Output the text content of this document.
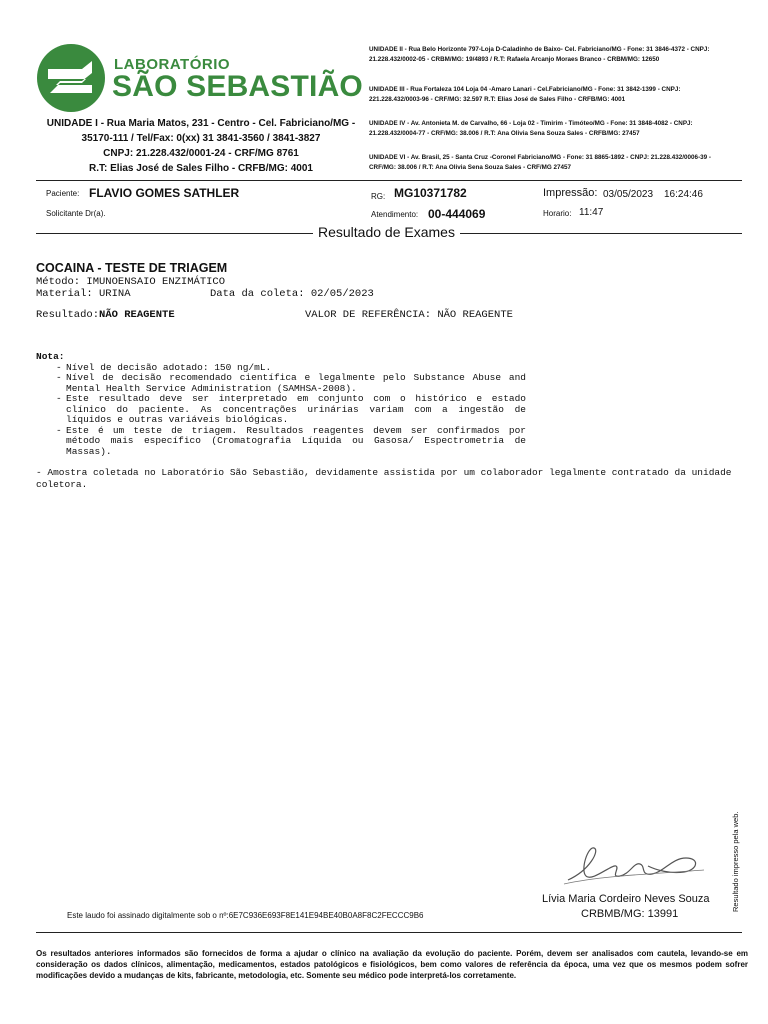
LABORATÓRIO
SÃO SEBASTIÃO
UNIDADE I - Rua Maria Matos, 231 - Centro - Cel. Fabriciano/MG -
35170-111 / Tel/Fax: 0(xx) 31 3841-3560 / 3841-3827
CNPJ: 21.228.432/0001-24 - CRF/MG 8761
R.T: Elias José de Sales Filho - CRFB/MG: 4001
UNIDADE II - Rua Belo Horizonte 797-Loja D-Caladinho de Baixo- Cel. Fabriciano/MG - Fone: 31 3846-4372 - CNPJ: 21.228.432/0002-05 - CRBM/MG: 19/4893 / R.T: Rafaela Arcanjo Moraes Branco - CRBM/MG: 12650
UNIDADE III - Rua Fortaleza 104 Loja 04 -Amaro Lanari - Cel.Fabriciano/MG - Fone: 31 3842-1399 - CNPJ: 221.228.432/0003-96 - CRF/MG: 32.597 R.T: Elias José de Sales Filho - CRFB/MG: 4001
UNIDADE IV - Av. Antonieta M. de Carvalho, 66 - Loja 02 - Timirim - Timóteo/MG - Fone: 31 3848-4082 - CNPJ: 21.228.432/0004-77 - CRF/MG: 38.006 / R.T: Ana Olivia Sena Souza Sales - CRFB/MG: 27457
UNIDADE VI - Av. Brasil, 25 - Santa Cruz -Coronel Fabriciano/MG - Fone: 31 8865-1892 - CNPJ: 21.228.432/0006-39 - CRF/MG: 38.006 / R.T: Ana Olivia Sena Souza Sales - CRF/MG 27457
Paciente: FLAVIO GOMES SATHLER	RG: MG10371782	Impressão: 03/05/2023 16:24:46
Solicitante Dr(a).	Atendimento: 00-444069	Horario: 11:47
Resultado de Exames
COCAINA - TESTE DE TRIAGEM
Método: IMUNOENSAIO ENZIMÁTICO
Material: URINA	Data da coleta: 02/05/2023
Resultado:NÃO REAGENTE	VALOR DE REFERÊNCIA: NÃO REAGENTE
Nota:
- Nível de decisão adotado: 150 ng/mL.
- Nível de decisão recomendado científica e legalmente pelo Substance Abuse and Mental Health Service Administration (SAMHSA-2008).
- Este resultado deve ser interpretado em conjunto com o histórico e estado clínico do paciente. As concentrações urinárias variam com a ingestão de líquidos e outras variáveis biológicas.
- Este é um teste de triagem. Resultados reagentes devem ser confirmados por método mais específico (Cromatografia Líquida ou Gasosa/ Espectrometria de Massas).
- Amostra coletada no Laboratório São Sebastião, devidamente assistida por um colaborador legalmente contratado da unidade coletora.
Lívia Maria Cordeiro Neves Souza
CRBMB/MG: 13991
Resultado impresso pela web.
Este laudo foi assinado digitalmente sob o nº:6E7C936E693F8E141E94BE40B0A8F8C2FECCC9B6
Os resultados anteriores informados são fornecidos de forma a ajudar o clínico na avaliação da evolução do paciente. Porém, devem ser analisados com cautela, levando-se em consideração os dados clínicos, alimentação, medicamentos, estados patológicos e fisiológicos, bem como valores de referência da época, uma vez que os mesmos podem sofrer modificações devido a mudanças de kits, fabricante, metodologia, etc. Somente seu médico pode interpretá-los corretamente.
